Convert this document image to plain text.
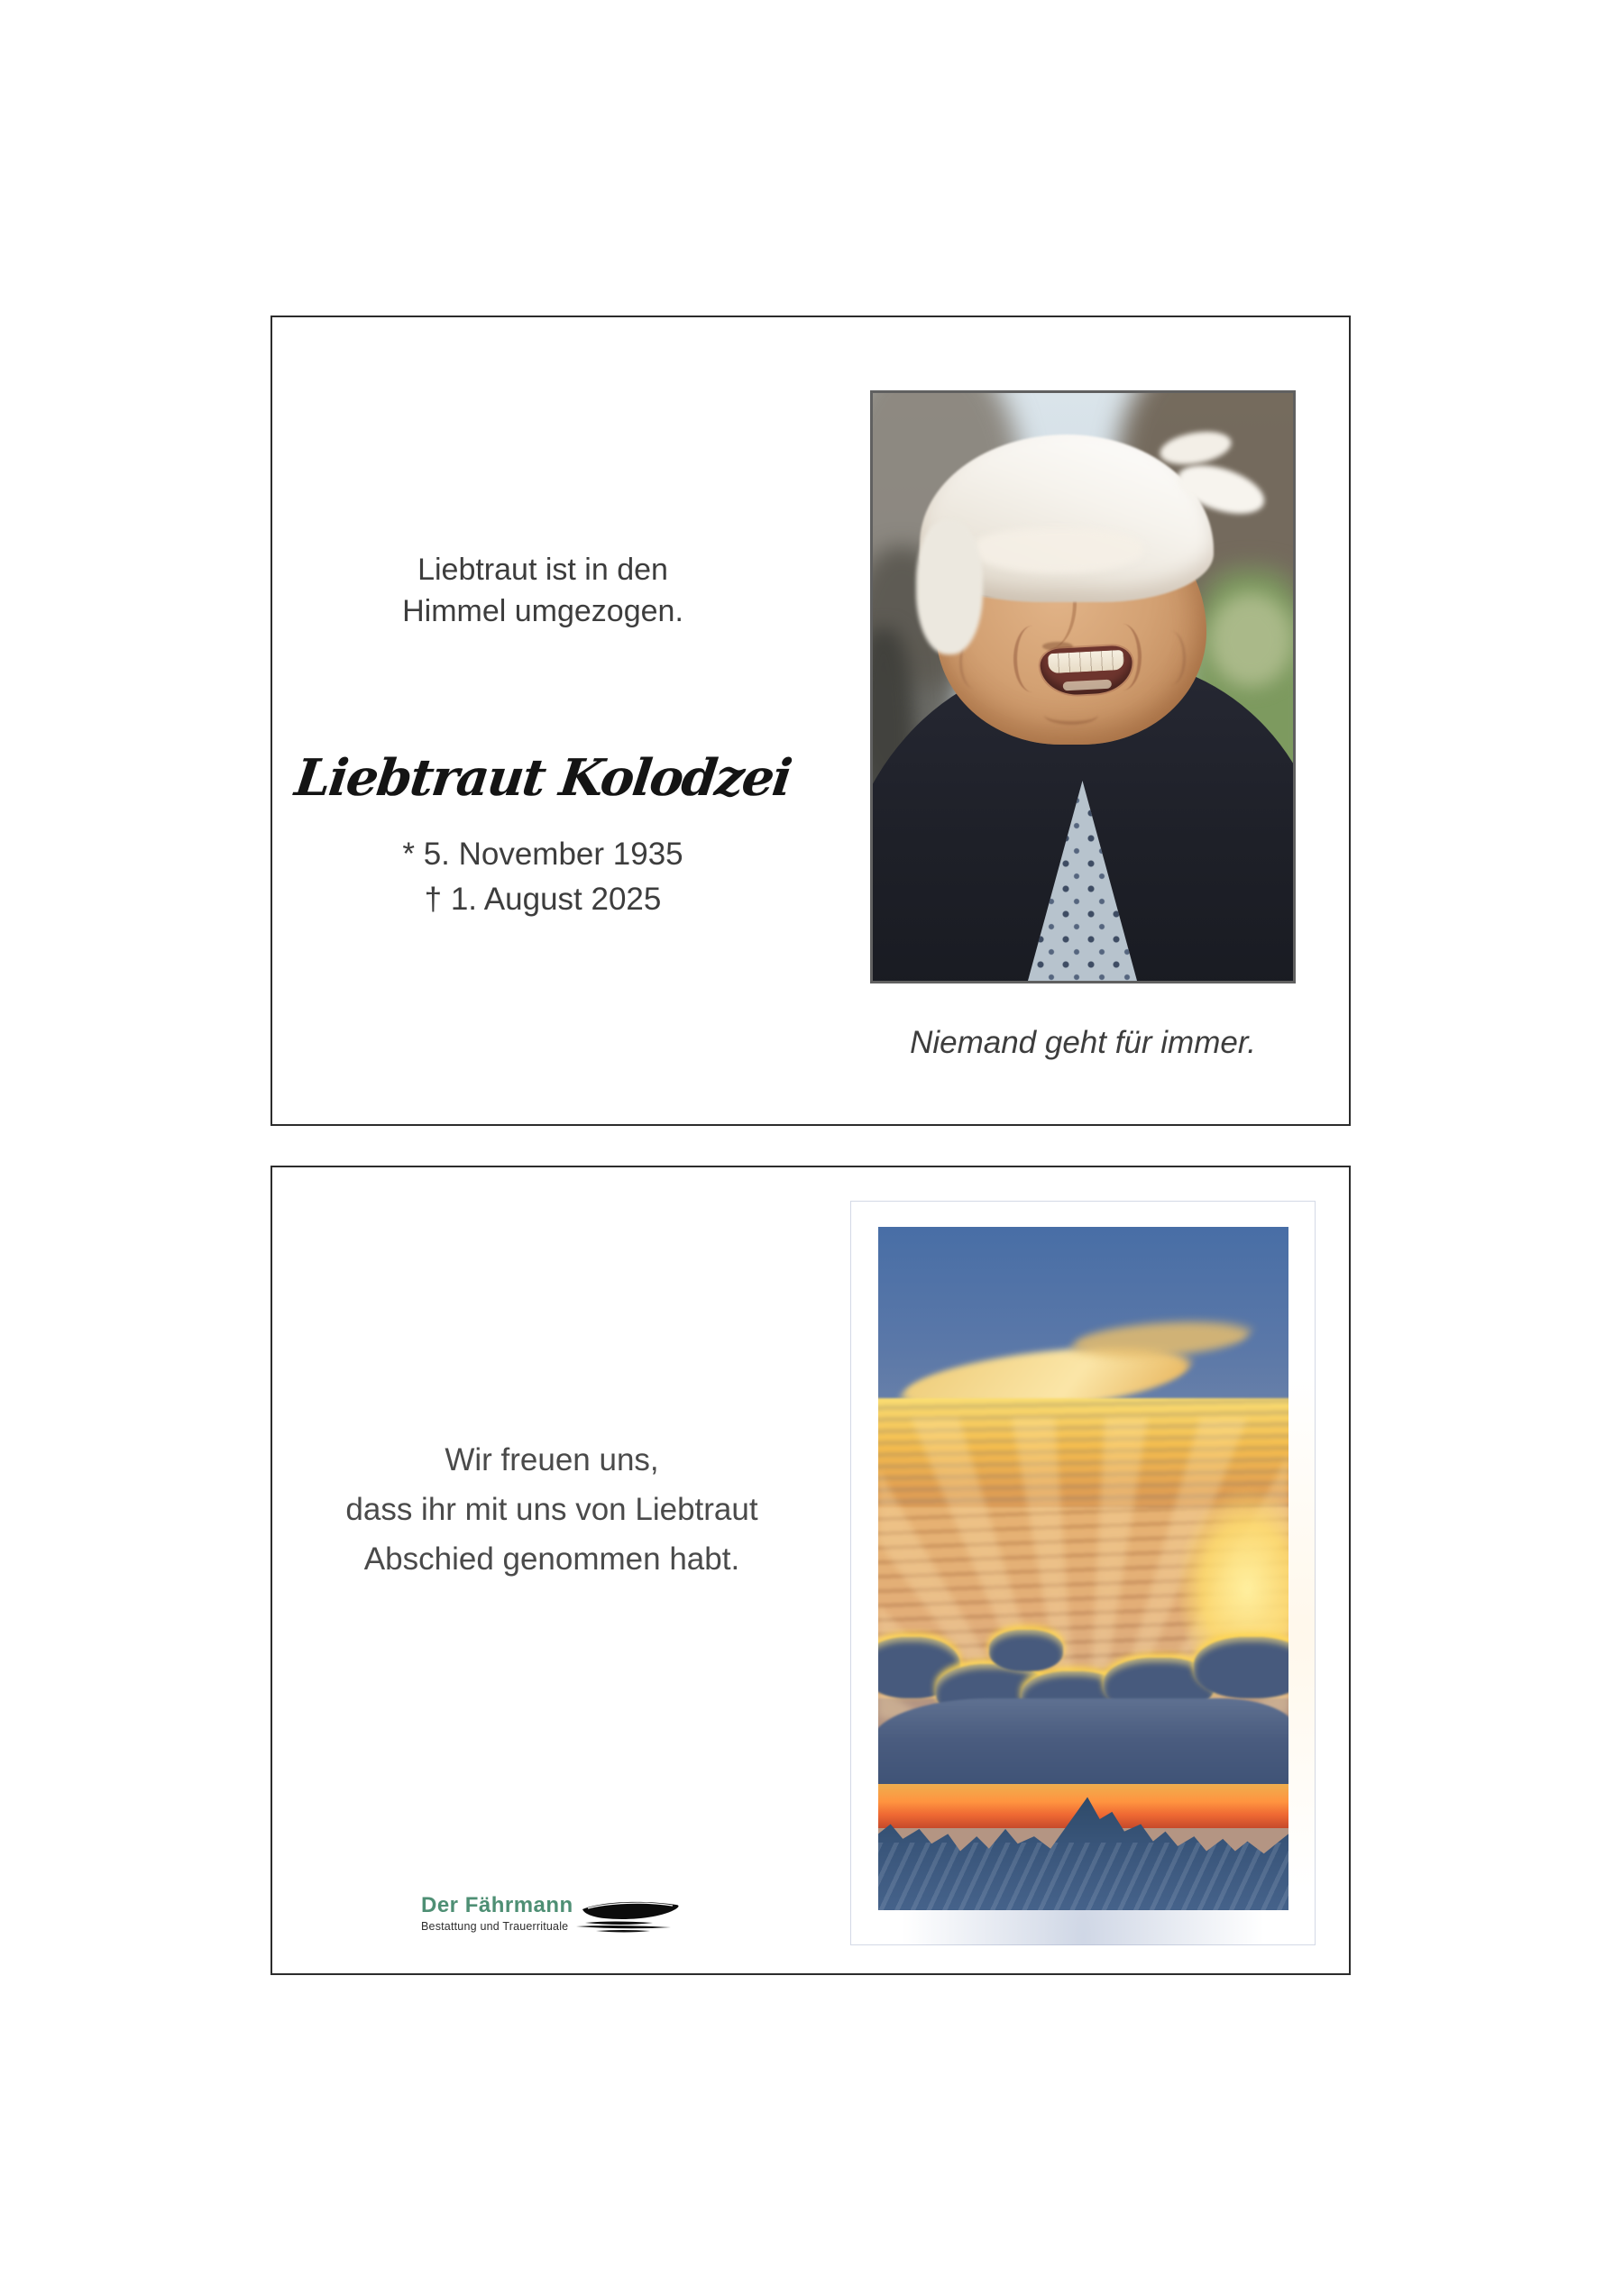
Liebtraut ist in den
Himmel umgezogen.
Liebtraut Kolodzei
* 5. November 1935
† 1. August 2025
Niemand geht für immer.
Wir freuen uns,
dass ihr mit uns von Liebtraut
Abschied genommen habt.
Der Fährmann
Bestattung und Trauerrituale
